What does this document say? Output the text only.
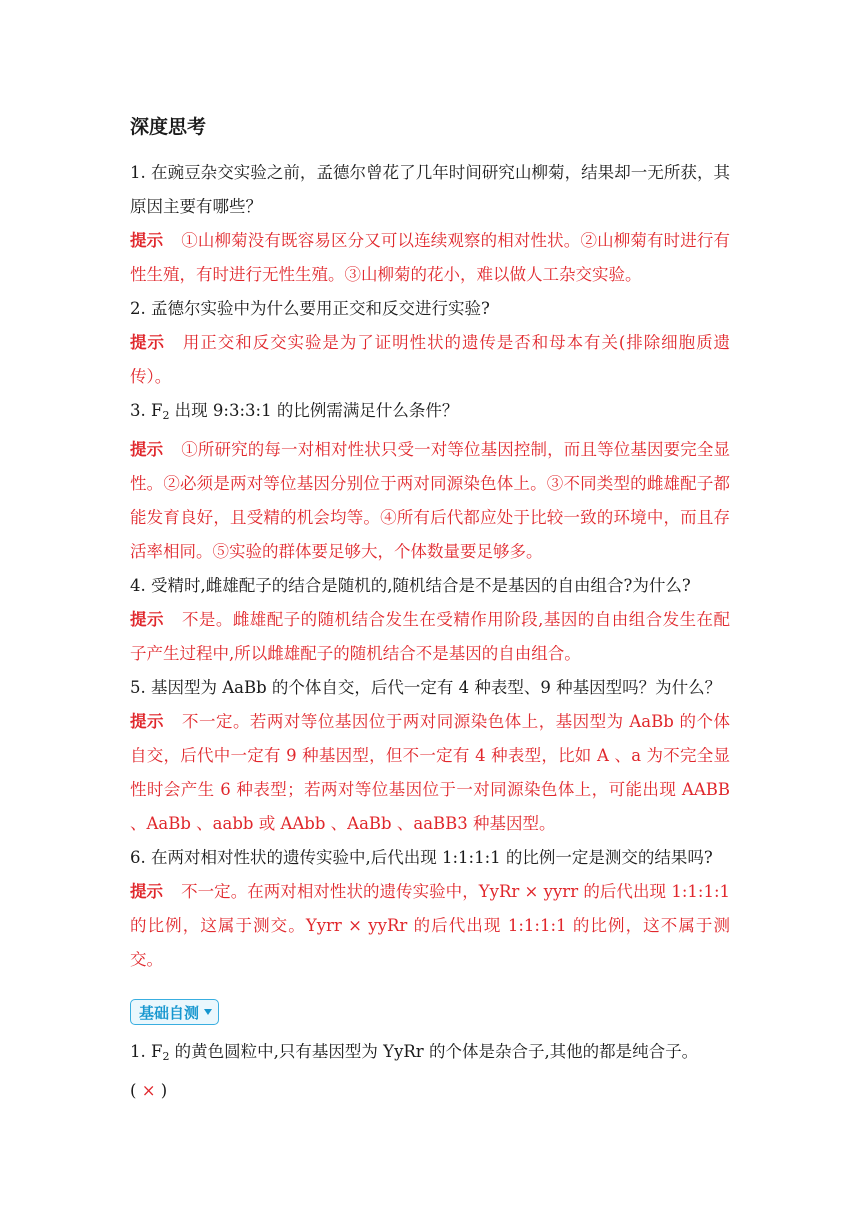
深度思考

1. 在豌豆杂交实验之前，孟德尔曾花了几年时间研究山柳菊，结果却一无所获，其原因主要有哪些？

提示 ①山柳菊没有既容易区分又可以连续观察的相对性状。②山柳菊有时进行有性生殖，有时进行无性生殖。③山柳菊的花小，难以做人工杂交实验。

2. 孟德尔实验中为什么要用正交和反交进行实验?

提示 用正交和反交实验是为了证明性状的遗传是否和母本有关(排除细胞质遗传）。

3. $F_2$ 出现 9:3:3:1 的比例需满足什么条件？

提示 ①所研究的每一对相对性状只受一对等位基因控制，而且等位基因要完全显性。②必须是两对等位基因分别位于两对同源染色体上。③不同类型的雌雄配子都能发育良好，且受精的机会均等。④所有后代都应处于比较一致的环境中，而且存活率相同。⑤实验的群体要足够大，个体数量要足够多。

4. 受精时,雌雄配子的结合是随机的,随机结合是不是基因的自由组合?为什么?

提示 不是。雌雄配子的随机结合发生在受精作用阶段,基因的自由组合发生在配子产生过程中,所以雌雄配子的随机结合不是基因的自由组合。

5. 基因型为 AaBb 的个体自交，后代一定有 4 种表型、9 种基因型吗？为什么？

提示 不一定。若两对等位基因位于两对同源染色体上，基因型为 AaBb 的个体自交，后代中一定有 9 种基因型，但不一定有 4 种表型，比如 A 、a 为不完全显性时会产生 6 种表型；若两对等位基因位于一对同源染色体上，可能出现 AABB 、AaBb 、aabb 或 AAbb 、AaBb 、aaBB3 种基因型。

6. 在两对相对性状的遗传实验中,后代出现 1:1:1:1 的比例一定是测交的结果吗?

提示 不一定。在两对相对性状的遗传实验中，YyRr × yyrr 的后代出现 1:1:1:1 的比例，这属于测交。Yyrr × yyRr 的后代出现 1:1:1:1 的比例，这不属于测交。

基础自测

1. $F_2$ 的黄色圆粒中,只有基因型为 YyRr 的个体是杂合子,其他的都是纯合子。

( × )
